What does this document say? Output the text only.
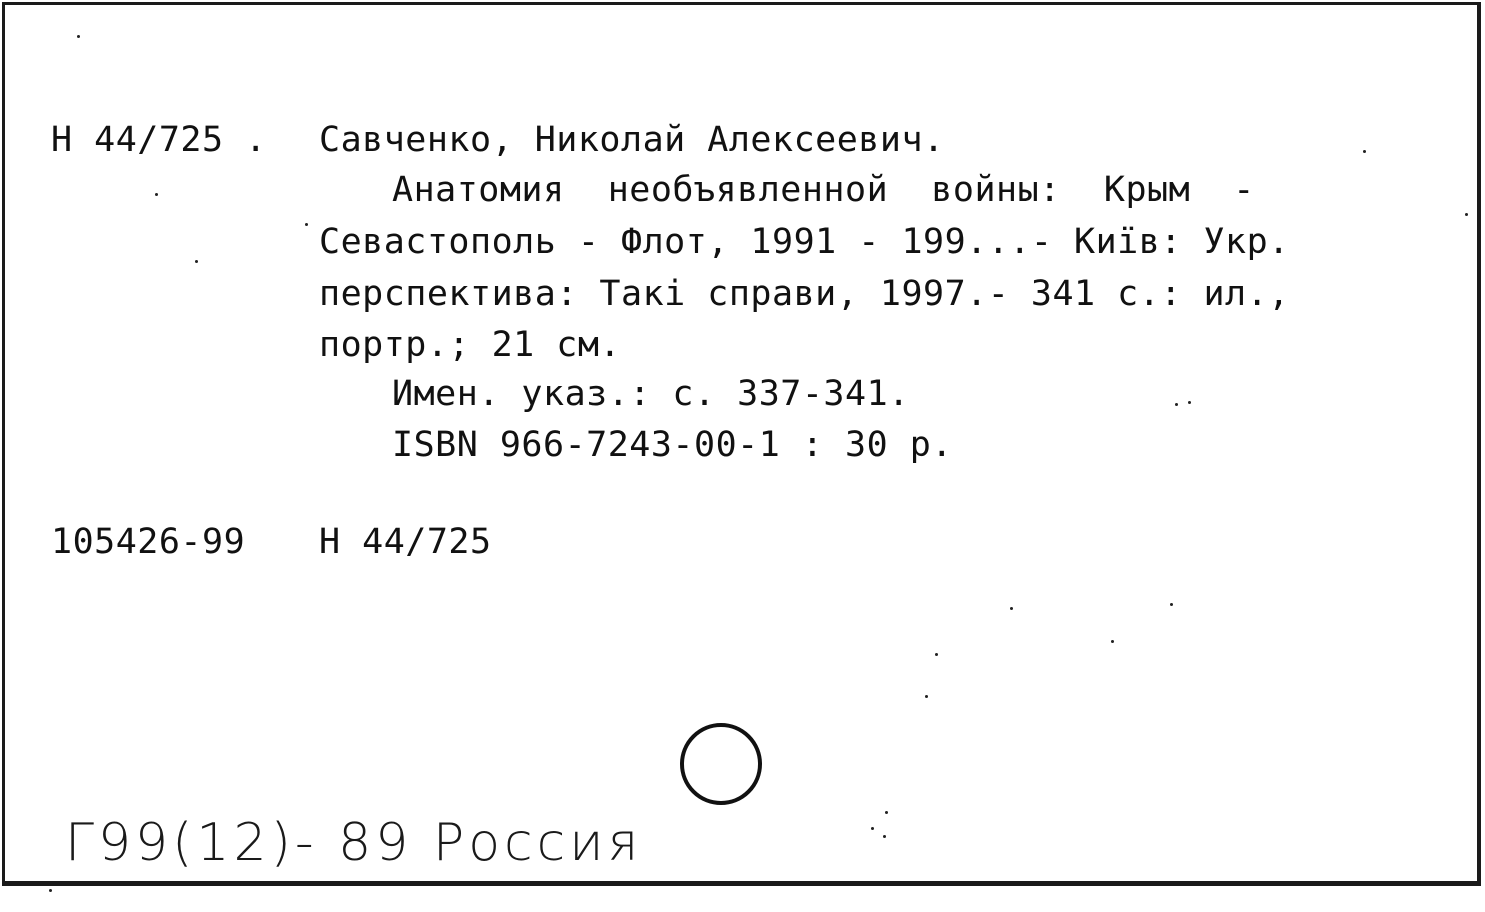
Н 44/725 . Савченко, Николай Алексеевич.
Анатомия  необъявленной  войны:  Крым  -
Севастополь - Флот, 1991 - 199...- Київ: Укр.
перспектива: Такі справи, 1997.- 341 с.: ил.,
портр.; 21 см.
Имен. указ.: с. 337-341.
ISBN 966-7243-00-1 : 30 р.
105426-99 Н 44/725
Г99(12)- 89 Россия
